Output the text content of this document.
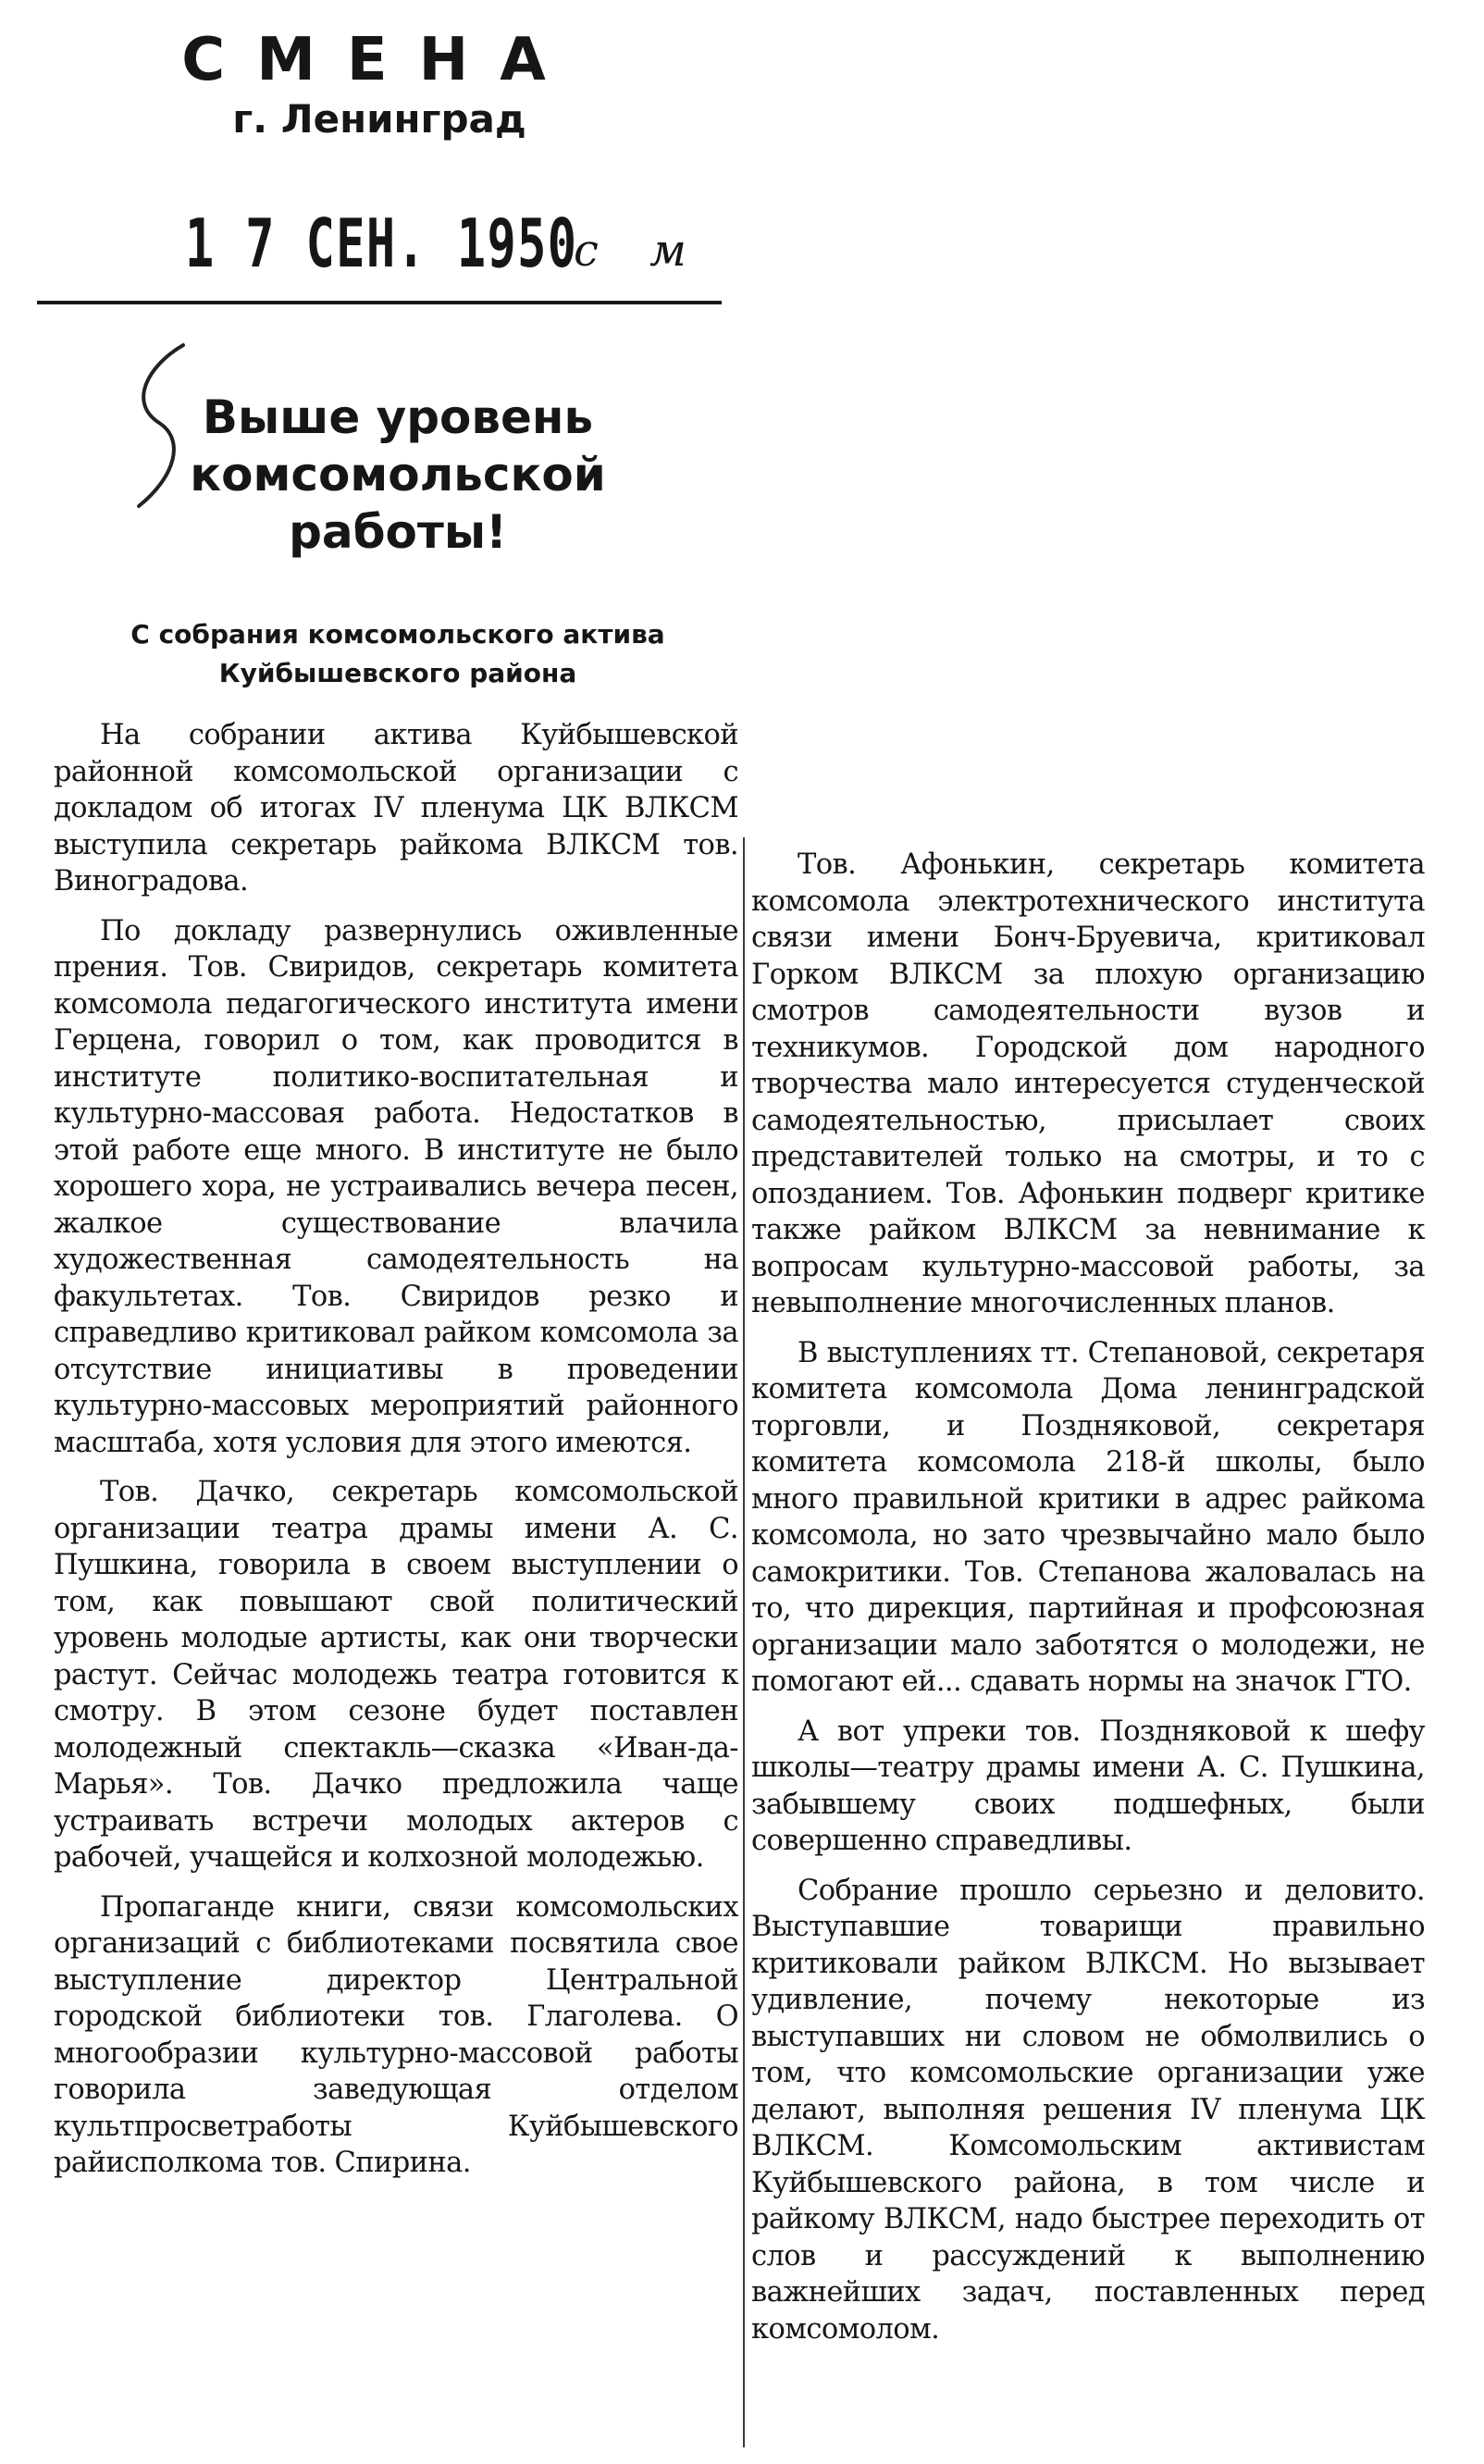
СМЕНА
г. Ленинград
1 7 СЕН. 1950
с м
Выше уровень
комсомольской
работы!
С собрания комсомольского актива
Куйбышевского района

На собрании актива Куйбышевской районной комсомольской организации с докладом об итогах IV пленума ЦК ВЛКСМ выступила секретарь райкома ВЛКСМ тов. Виноградова.

По докладу развернулись оживленные прения. Тов. Свиридов, секретарь комитета комсомола педагогического института имени Герцена, говорил о том, как проводится в институте политико-воспитательная и культурно-массовая работа. Недостатков в этой работе еще много. В институте не было хорошего хора, не устраивались вечера песен, жалкое существование влачила художественная самодеятельность на факультетах. Тов. Свиридов резко и справедливо критиковал райком комсомола за отсутствие инициативы в проведении культурно-массовых мероприятий районного масштаба, хотя условия для этого имеются.

Тов. Дачко, секретарь комсомольской организации театра драмы имени А. С. Пушкина, говорила в своем выступлении о том, как повышают свой политический уровень молодые артисты, как они творчески растут. Сейчас молодежь театра готовится к смотру. В этом сезоне будет поставлен молодежный спектакль—сказка «Иван-да-Марья». Тов. Дачко предложила чаще устраивать встречи молодых актеров с рабочей, учащейся и колхозной молодежью.

Пропаганде книги, связи комсомольских организаций с библиотеками посвятила свое выступление директор Центральной городской библиотеки тов. Глаголева. О многообразии культурно-массовой работы говорила заведующая отделом культпросветработы Куйбышевского райисполкома тов. Спирина.

Тов. Афонькин, секретарь комитета комсомола электротехнического института связи имени Бонч-Бруевича, критиковал Горком ВЛКСМ за плохую организацию смотров самодеятельности вузов и техникумов. Городской дом народного творчества мало интересуется студенческой самодеятельностью, присылает своих представителей только на смотры, и то с опозданием. Тов. Афонькин подверг критике также райком ВЛКСМ за невнимание к вопросам культурно-массовой работы, за невыполнение многочисленных планов.

В выступлениях тт. Степановой, секретаря комитета комсомола Дома ленинградской торговли, и Поздняковой, секретаря комитета комсомола 218-й школы, было много правильной критики в адрес райкома комсомола, но зато чрезвычайно мало было самокритики. Тов. Степанова жаловалась на то, что дирекция, партийная и профсоюзная организации мало заботятся о молодежи, не помогают ей... сдавать нормы на значок ГТО.

А вот упреки тов. Поздняковой к шефу школы—театру драмы имени А. С. Пушкина, забывшему своих подшефных, были совершенно справедливы.

Собрание прошло серьезно и деловито. Выступавшие товарищи правильно критиковали райком ВЛКСМ. Но вызывает удивление, почему некоторые из выступавших ни словом не обмолвились о том, что комсомольские организации уже делают, выполняя решения IV пленума ЦК ВЛКСМ. Комсомольским активистам Куйбышевского района, в том числе и райкому ВЛКСМ, надо быстрее переходить от слов и рассуждений к выполнению важнейших задач, поставленных перед комсомолом.
